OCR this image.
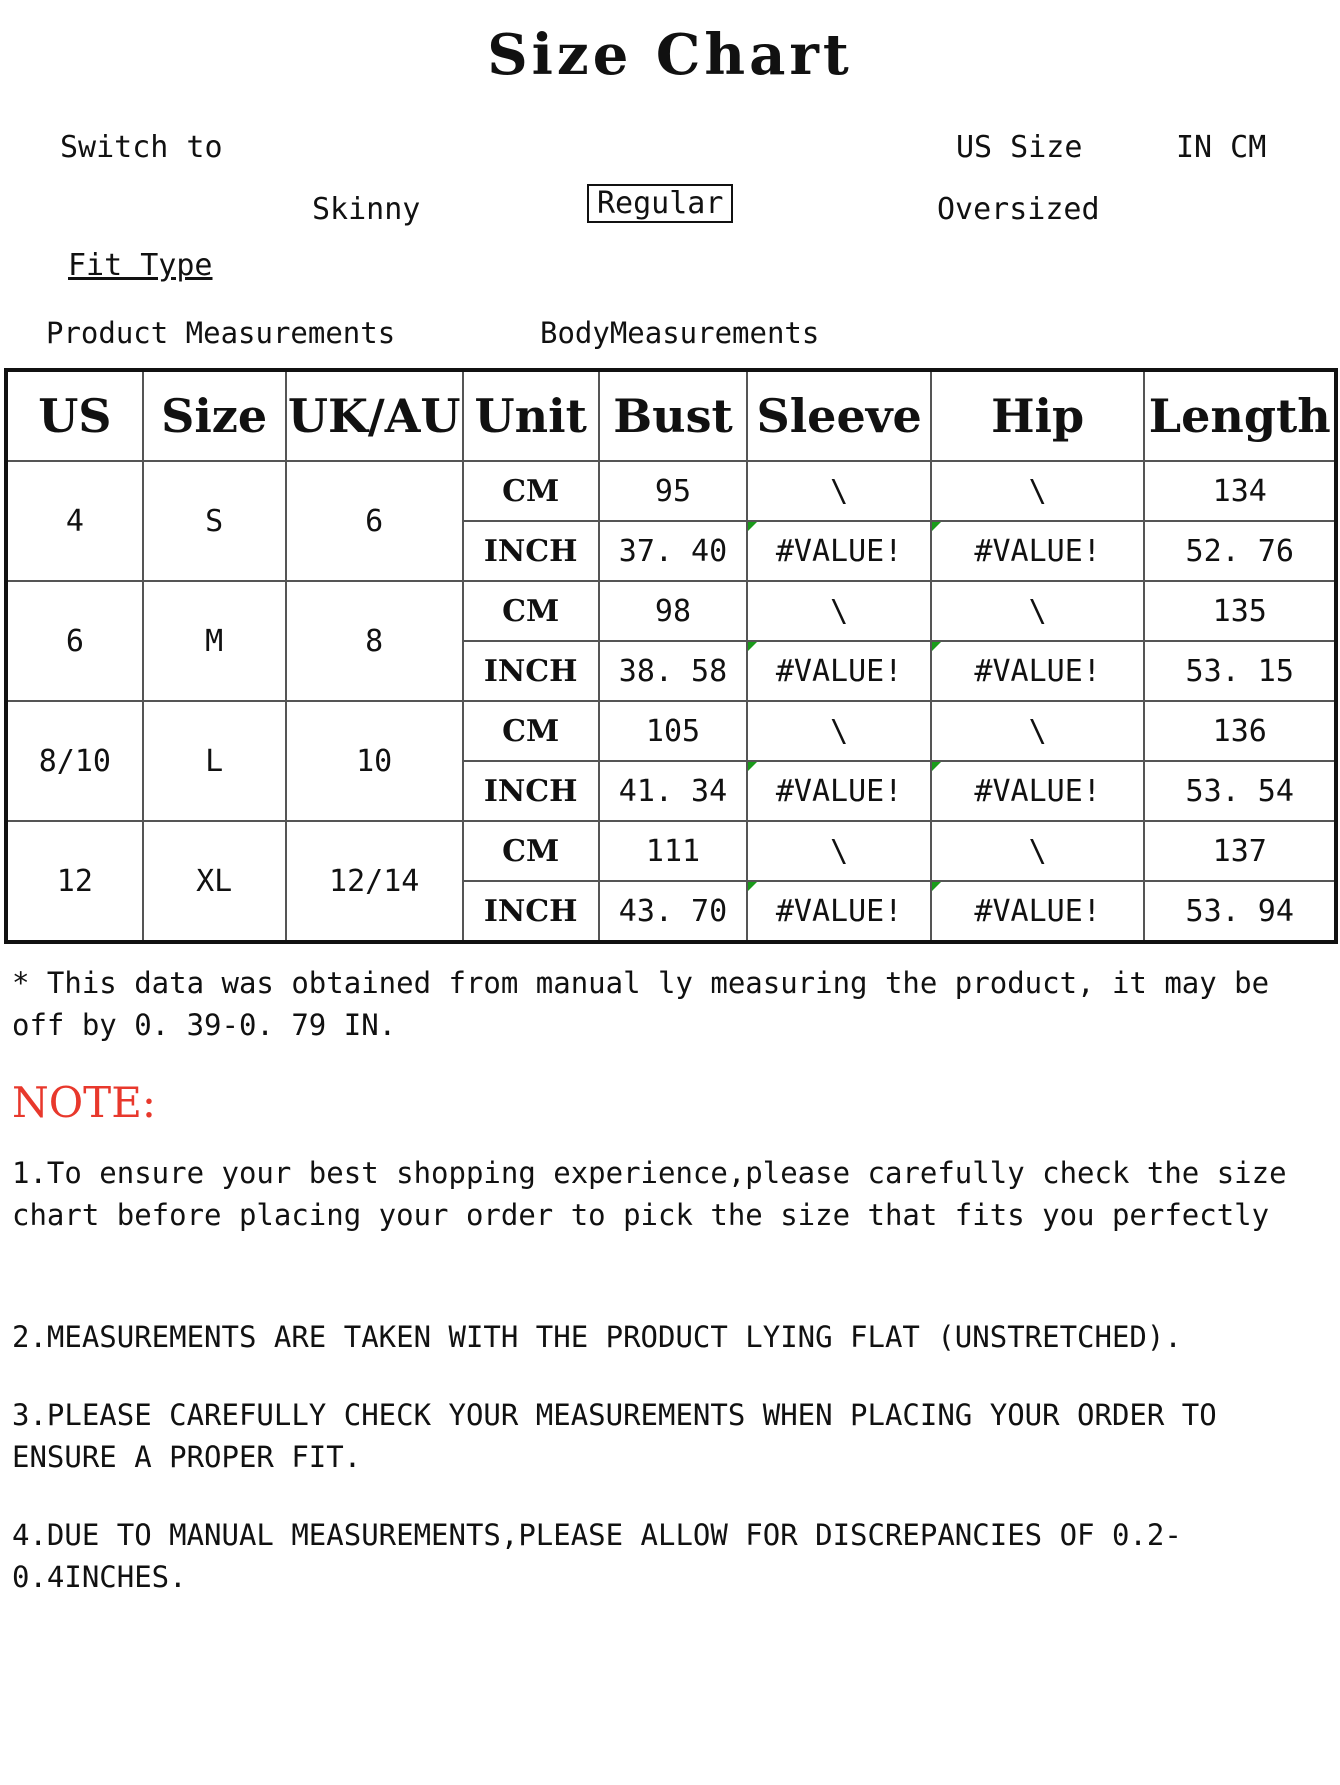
Size Chart
Switch to	US Size	IN CM
Skinny	Regular	Oversized
Fit Type
Product Measurements	BodyMeasurements
US	Size	UK/AU	Unit	Bust	Sleeve	Hip	Length
4	S	6	CM	95	\	\	134
			INCH	37. 40	#VALUE!	#VALUE!	52. 76
6	M	8	CM	98	\	\	135
			INCH	38. 58	#VALUE!	#VALUE!	53. 15
8/10	L	10	CM	105	\	\	136
			INCH	41. 34	#VALUE!	#VALUE!	53. 54
12	XL	12/14	CM	111	\	\	137
			INCH	43. 70	#VALUE!	#VALUE!	53. 94
* This data was obtained from manual ly measuring the product, it may be off by 0. 39-0. 79 IN.
NOTE:
1.To ensure your best shopping experience,please carefully check the size chart before placing your order to pick the size that fits you perfectly
2.MEASUREMENTS ARE TAKEN WITH THE PRODUCT LYING FLAT (UNSTRETCHED).
3.PLEASE CAREFULLY CHECK YOUR MEASUREMENTS WHEN PLACING YOUR ORDER TO ENSURE A PROPER FIT.
4.DUE TO MANUAL MEASUREMENTS,PLEASE ALLOW FOR DISCREPANCIES OF 0.2-0.4INCHES.
